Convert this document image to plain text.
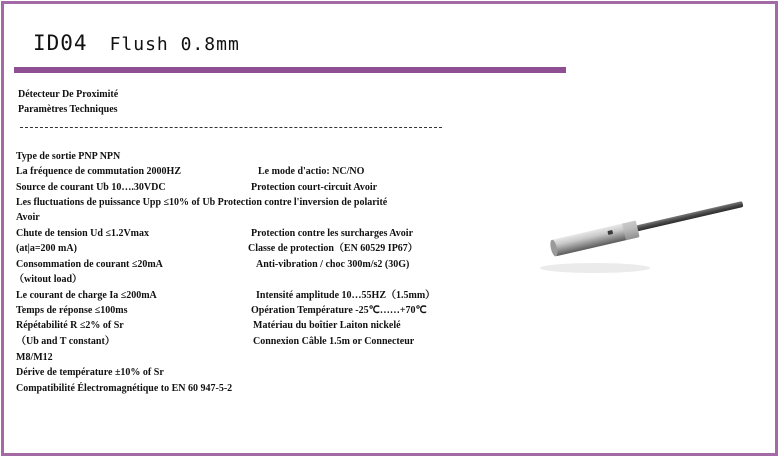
ID04 Flush 0.8mm
Détecteur De Proximité
Paramètres Techniques
Type de sortie PNP NPN
La fréquence de commutation 2000HZ	Le mode d'actio: NC/NO
Source de courant Ub 10….30VDC	Protection court-circuit Avoir
Les fluctuations de puissance Upp ≤10% of Ub Protection contre l'inversion de polarité
Avoir
Chute de tension Ud ≤1.2Vmax	Protection contre les surcharges Avoir
(at|a=200 mA)	Classe de protection（EN 60529 IP67）
Consommation de courant ≤20mA	Anti-vibration / choc 300m/s2 (30G)
（witout load）
Le courant de charge Ia ≤200mA	Intensité amplitude 10…55HZ（1.5mm）
Temps de réponse ≤100ms	Opération Température -25℃……+70℃
Répétabilité R ≤2% of Sr	Matériau du boîtier Laiton nickelé
（Ub and T constant）	Connexion Câble 1.5m or Connecteur
M8/M12
Dérive de température ±10% of Sr
Compatibilité Électromagnétique to EN 60 947-5-2
